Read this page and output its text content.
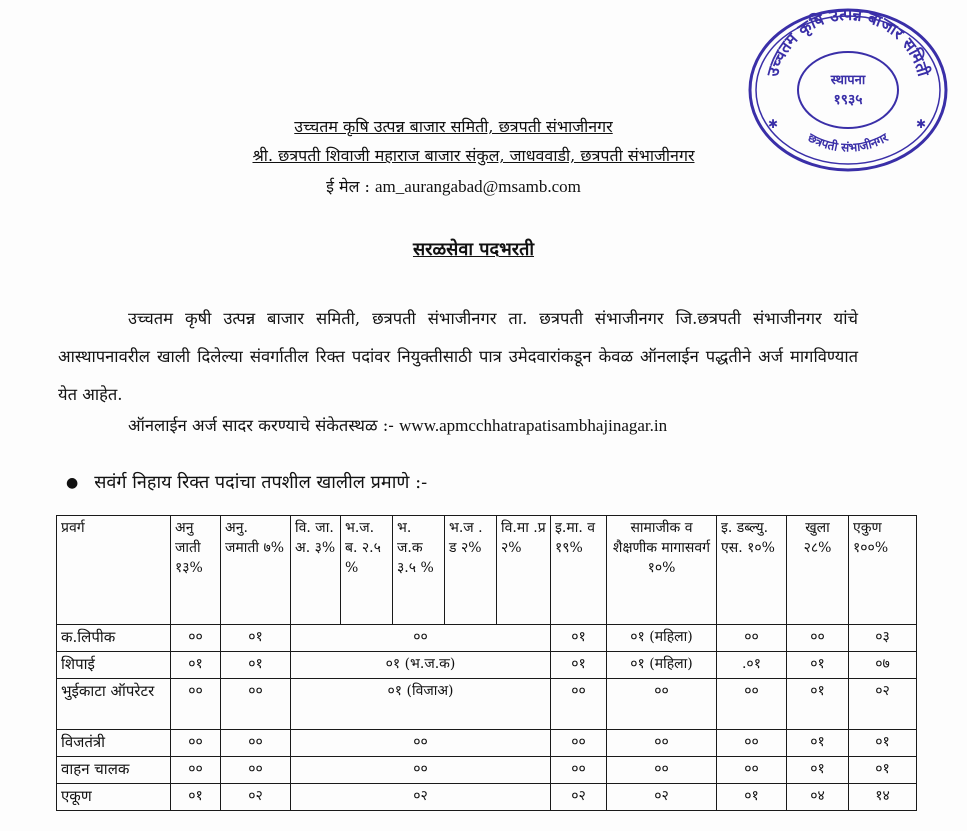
उच्चतम कृषि उत्पन्न बाजार समिती
छत्रपती संभाजीनगर
✱	✱
स्थापना
१९३५
उच्चतम कृषि उत्पन्न बाजार समिती, छत्रपती संभाजीनगर
श्री. छत्रपती शिवाजी महाराज बाजार संकुल, जाधववाडी, छत्रपती संभाजीनगर
ई मेल : am_aurangabad@msamb.com
सरळसेवा पदभरती
उच्चतम कृषी उत्पन्न बाजार समिती, छत्रपती संभाजीनगर ता. छत्रपती संभाजीनगर जि.छत्रपती संभाजीनगर यांचे आस्थापनावरील खाली दिलेल्या संवर्गातील रिक्त पदांवर नियुक्तीसाठी पात्र उमेदवारांकडून केवळ ऑनलाईन पद्धतीने अर्ज मागविण्यात येत आहेत.
ऑनलाईन अर्ज सादर करण्याचे संकेतस्थळ :- www.apmcchhatrapatisambhajinagar.in
● सवंर्ग निहाय रिक्त पदांचा तपशील खालील प्रमाणे :-
प्रवर्ग	अनु जाती १३%	अनु. जमाती ७%	वि. जा. अ. ३%	भ.ज. ब. २.५ %	भ. ज.क ३.५ %	भ.ज . ड २%	वि.मा .प्र २%	इ.मा. व १९%	सामाजीक व शैक्षणीक मागासवर्ग १०%	इ. डब्ल्यु. एस. १०%	खुला २८%	एकुण १००%
क.लिपीक	००	०१	००					०१	०१ (महिला)	००	००	०३
शिपाई	०१	०१	०१ (भ.ज.क)					०१	०१ (महिला)	.०१	०१	०७
भुईकाटा ऑपरेटर	००	००	०१ (विजाअ)					००	००	००	०१	०२
विजतंत्री	००	००	००					००	००	००	०१	०१
वाहन चालक	००	००	००					००	००	००	०१	०१
एकूण	०१	०२	०२					०२	०२	०१	०४	१४
